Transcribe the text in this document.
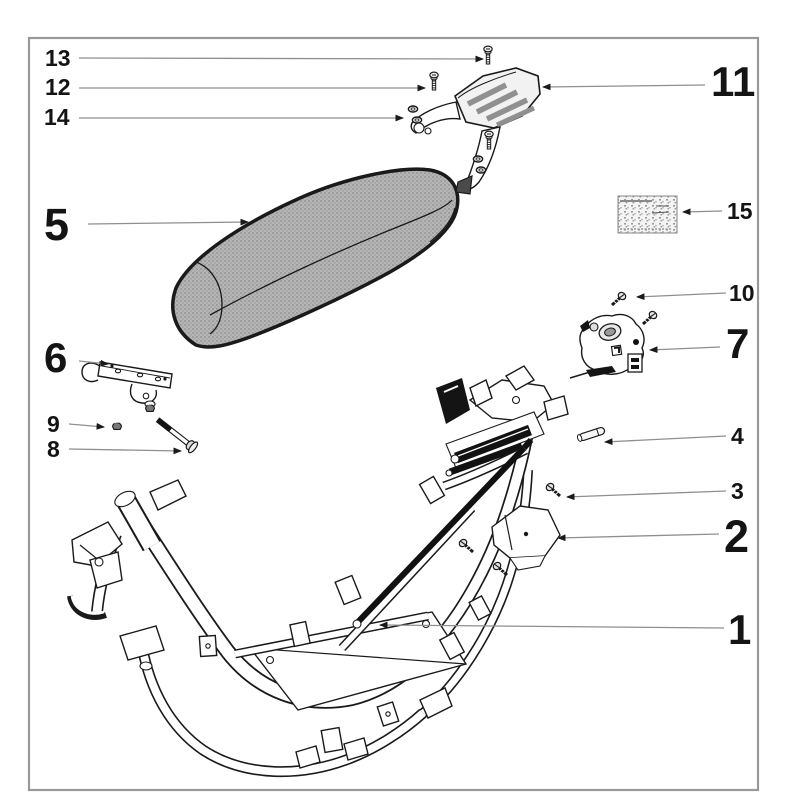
13
12
14
5
6
9
8
11
15
10
7
4
3
2
1
